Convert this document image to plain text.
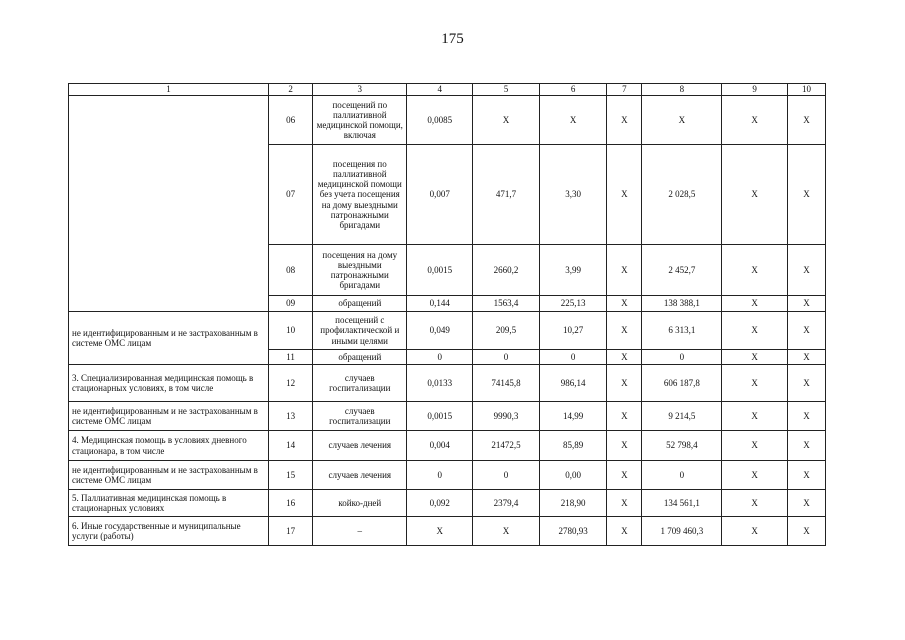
175
1	2	3	4	5	6	7	8	9	10
	06	посещений по паллиативной медицинской помощи, включая	0,0085	X	X	X	X	X	X
	07	посещения по паллиативной медицинской помощи без учета посещения на дому выездными патронажными бригадами	0,007	471,7	3,30	X	2 028,5	X	X
	08	посещения на дому выездными патронажными бригадами	0,0015	2660,2	3,99	X	2 452,7	X	X
	09	обращений	0,144	1563,4	225,13	X	138 388,1	X	X
не идентифицированным и не застрахованным в системе ОМС лицам	10	посещений с профилактической и иными целями	0,049	209,5	10,27	X	6 313,1	X	X
	11	обращений	0	0	0	X	0	X	X
3. Специализированная медицинская помощь в стационарных условиях, в том числе	12	случаев госпитализации	0,0133	74145,8	986,14	X	606 187,8	X	X
не идентифицированным и не застрахованным в системе ОМС лицам	13	случаев госпитализации	0,0015	9990,3	14,99	X	9 214,5	X	X
4. Медицинская помощь в условиях дневного стационара, в том числе	14	случаев лечения	0,004	21472,5	85,89	X	52 798,4	X	X
не идентифицированным и не застрахованным в системе ОМС лицам	15	случаев лечения	0	0	0,00	X	0	X	X
5. Паллиативная медицинская помощь в стационарных условиях	16	койко-дней	0,092	2379,4	218,90	X	134 561,1	X	X
6. Иные государственные и муниципальные услуги (работы)	17	–	X	X	2780,93	X	1 709 460,3	X	X
